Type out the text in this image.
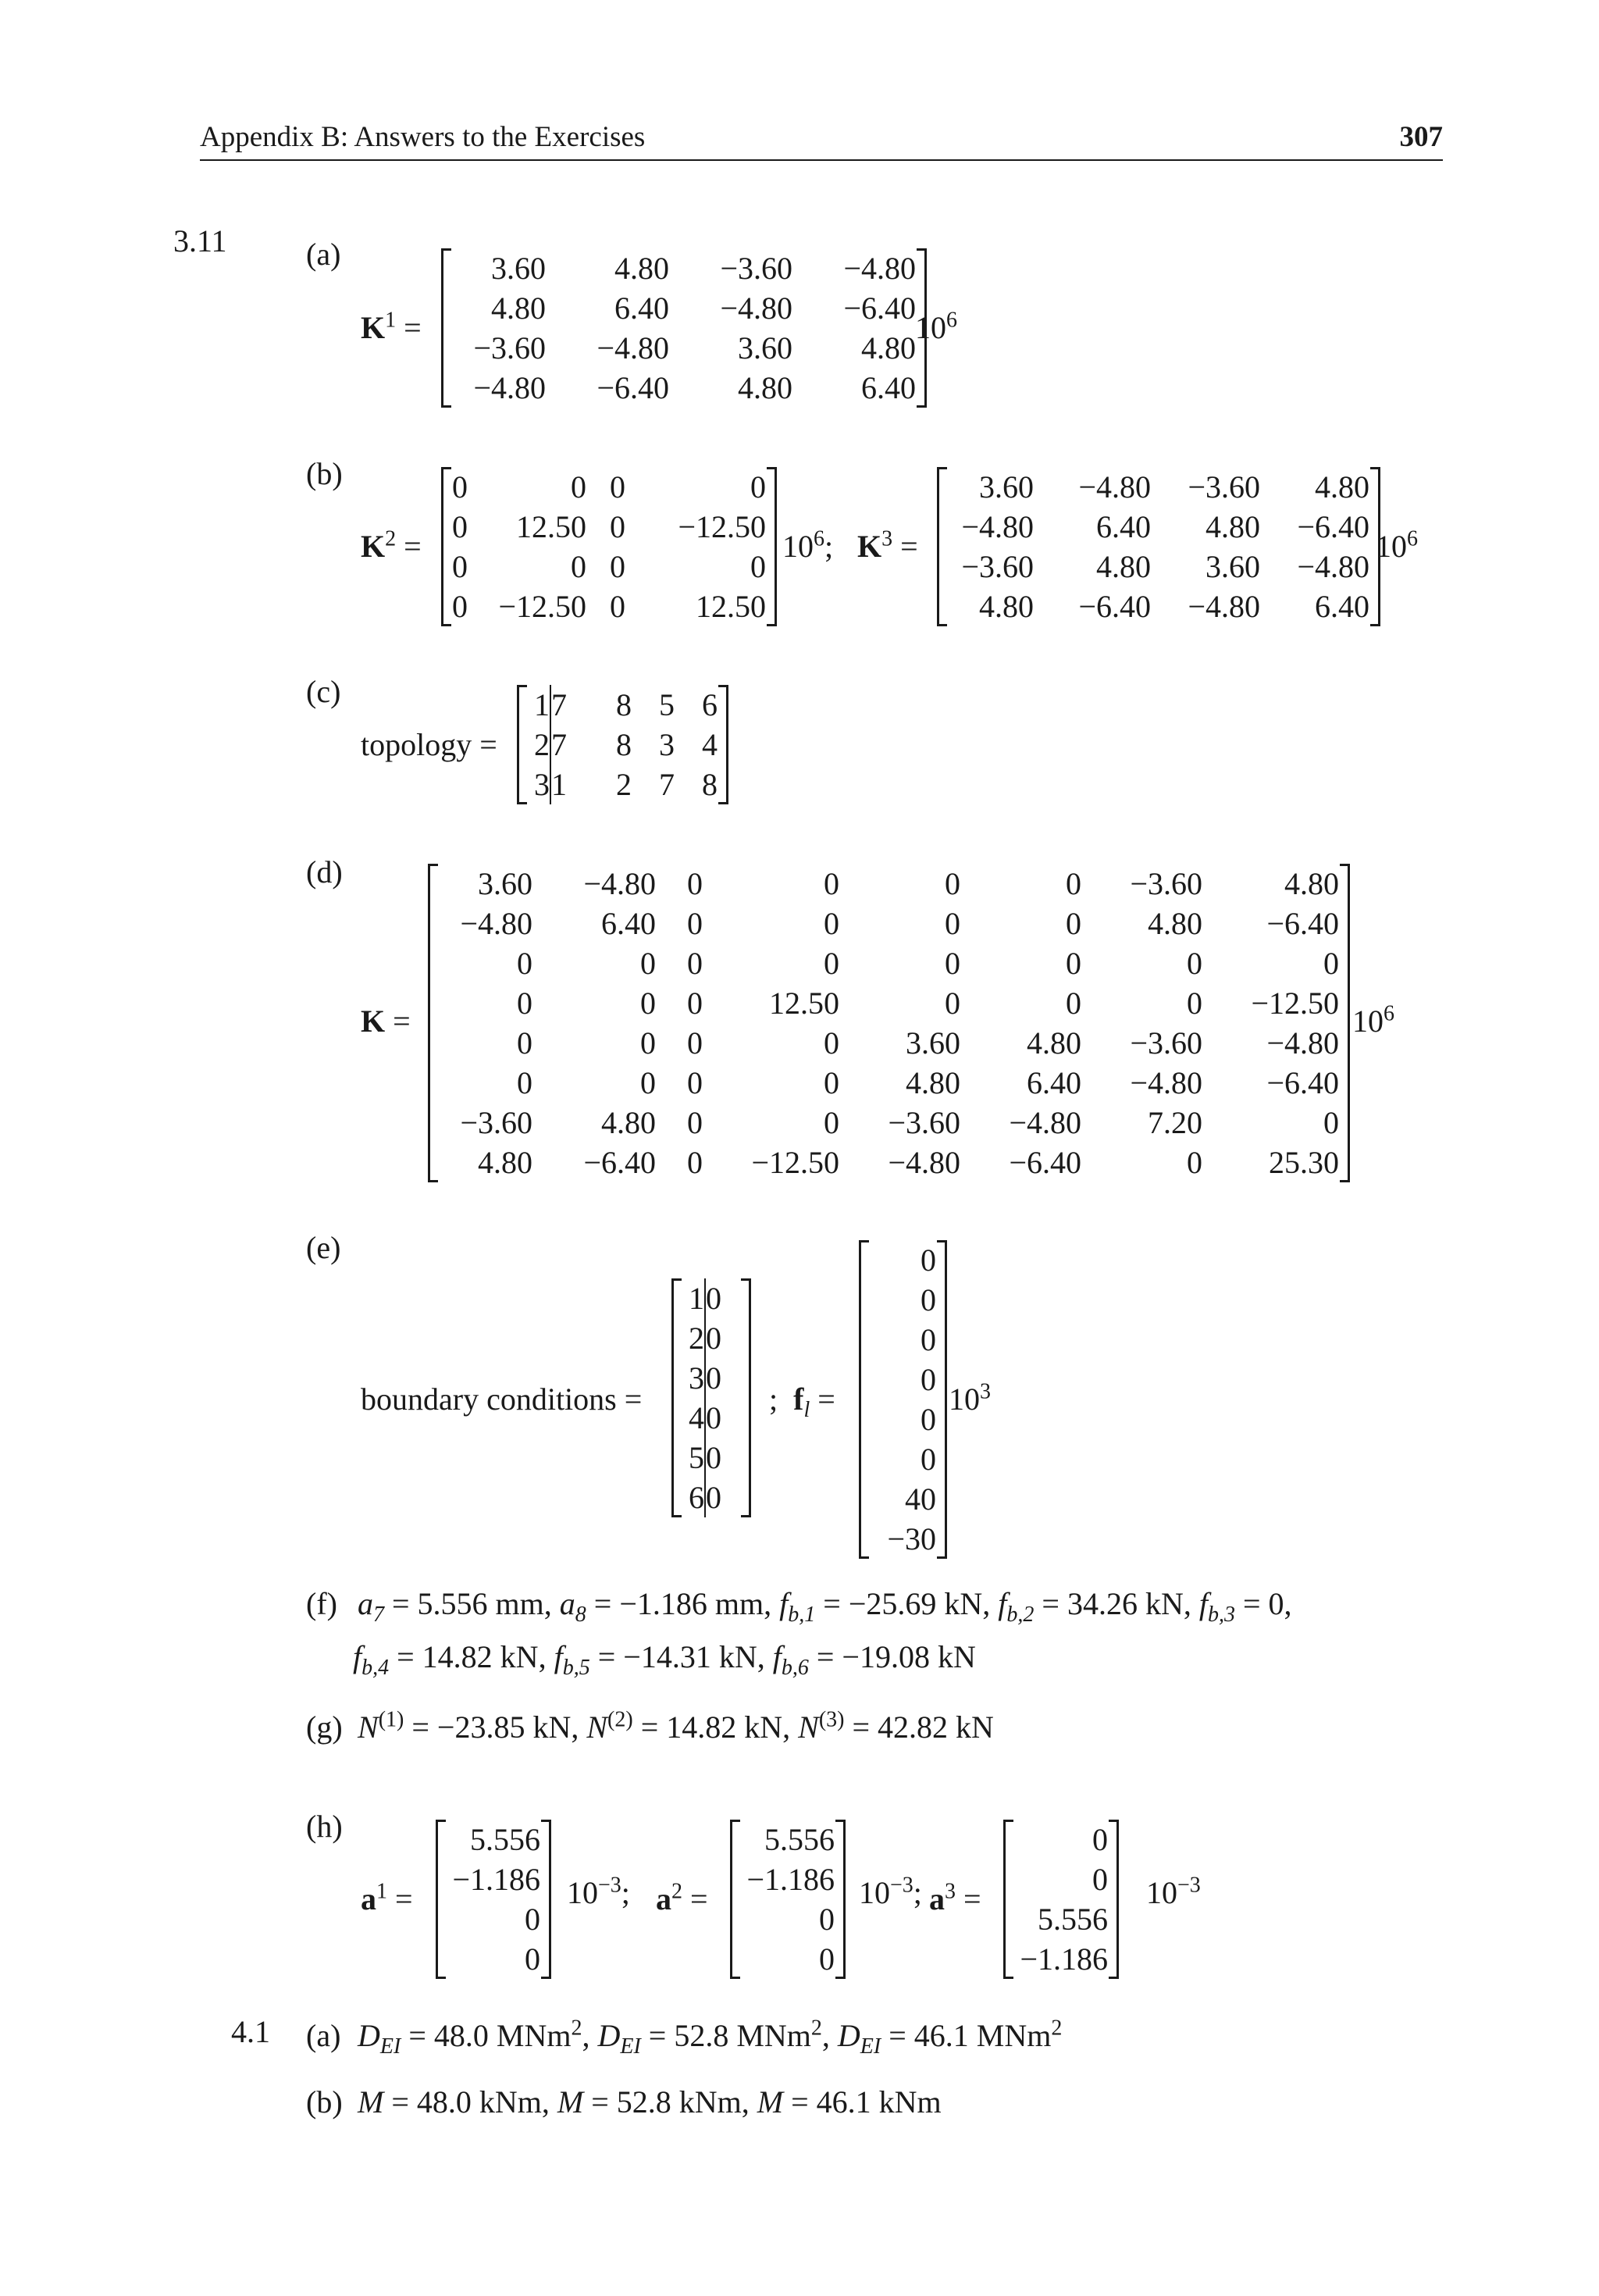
Appendix B: Answers to the Exercises	307
3.11	(a)
$K^1$ =
3.60	4.80	−3.60	−4.80
4.80	6.40	−4.80	−6.40
−3.60	−4.80	3.60	4.80
−4.80	−6.40	4.80	6.40
$10^6$
(b)
$K^2$ =
0	0	0	0
0	12.50	0	−12.50
0	0	0	0
0	−12.50	0	12.50
$10^6$; $K^3$ =
3.60	−4.80	−3.60	4.80
−4.80	6.40	4.80	−6.40
−3.60	4.80	3.60	−4.80
4.80	−6.40	−4.80	6.40
$10^6$
(c)
topology =
1	7	8	5	6
2	7	8	3	4
3	1	2	7	8
(d)
K =
3.60	−4.80	0	0	0	0	−3.60	4.80
−4.80	6.40	0	0	0	0	4.80	−6.40
0	0	0	0	0	0	0	0
0	0	0	12.50	0	0	0	−12.50
0	0	0	0	3.60	4.80	−3.60	−4.80
0	0	0	0	4.80	6.40	−4.80	−6.40
−3.60	4.80	0	0	−3.60	−4.80	7.20	0
4.80	−6.40	0	−12.50	−4.80	−6.40	0	25.30
$10^6$
(e)
boundary conditions =
1	0
2	0
3	0
4	0
5	0
6	0
; $f_l$ =
0
0
0
0
0
0
40
−30
$10^3$
(f) $a_7 = 5.556$ mm, $a_8 = -1.186$ mm, $f_{b,1} = -25.69$ kN, $f_{b,2} = 34.26$ kN, $f_{b,3} = 0$,
$f_{b,4} = 14.82$ kN, $f_{b,5} = -14.31$ kN, $f_{b,6} = -19.08$ kN
(g) $N^{(1)} = -23.85$ kN, $N^{(2)} = 14.82$ kN, $N^{(3)} = 42.82$ kN
(h)
$a^1$ =
5.556
−1.186
0
0
$10^{-3}$; $a^2$ =
5.556
−1.186
0
0
$10^{-3}$; $a^3$ =
0
0
5.556
−1.186
$10^{-3}$
4.1 (a) $D_{EI} = 48.0$ MNm$^2$, $D_{EI} = 52.8$ MNm$^2$, $D_{EI} = 46.1$ MNm$^2$
(b) M = 48.0 kNm, M = 52.8 kNm, M = 46.1 kNm
